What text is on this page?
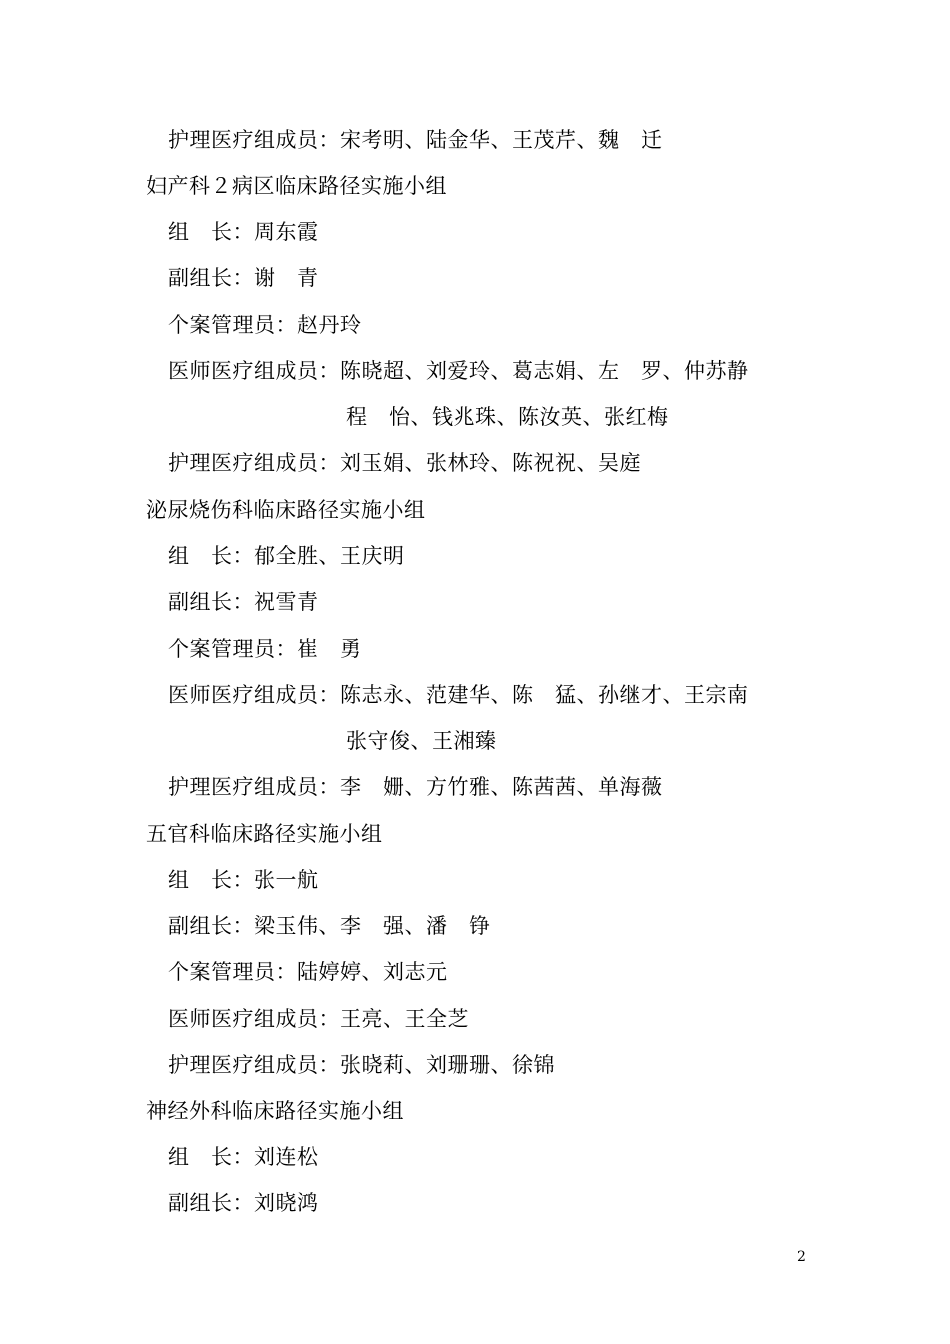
护理医疗组成员：宋考明、陆金华、王茂芹、魏　迁
妇产科２病区临床路径实施小组
组　长：周东霞
副组长：谢　青
个案管理员：赵丹玲
医师医疗组成员：陈晓超、刘爱玲、葛志娟、左　罗、仲苏静
程　怡、钱兆珠、陈汝英、张红梅
护理医疗组成员：刘玉娟、张林玲、陈祝祝、吴庭
泌尿烧伤科临床路径实施小组
组　长：郁全胜、王庆明
副组长：祝雪青
个案管理员：崔　勇
医师医疗组成员：陈志永、范建华、陈　猛、孙继才、王宗南
张守俊、王湘臻
护理医疗组成员：李　姗、方竹雅、陈茜茜、单海薇
五官科临床路径实施小组
组　长：张一航
副组长：梁玉伟、李　强、潘　铮
个案管理员：陆婷婷、刘志元
医师医疗组成员：王亮、王全芝
护理医疗组成员：张晓莉、刘珊珊、徐锦
神经外科临床路径实施小组
组　长：刘连松
副组长：刘晓鸿
2
